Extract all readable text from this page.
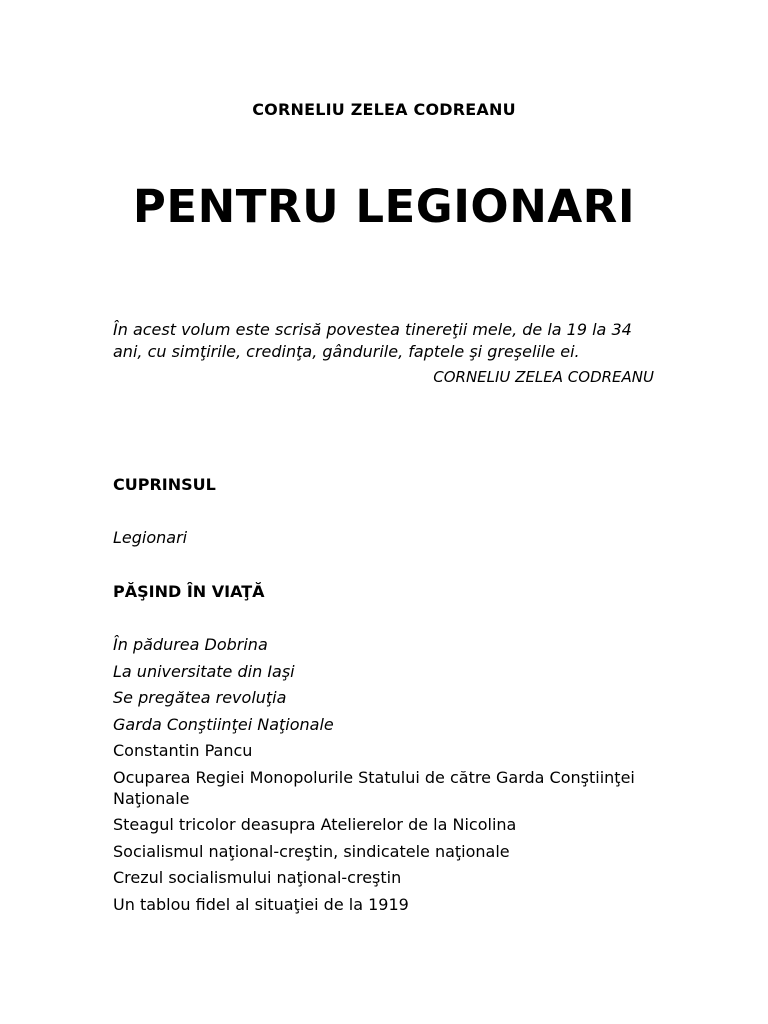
CORNELIU ZELEA CODREANU
PENTRU LEGIONARI
În acest volum este scrisă povestea tinereţii mele, de la 19 la 34 ani, cu simţirile, credinţa, gândurile, faptele şi greşelile ei.
CORNELIU ZELEA CODREANU
CUPRINSUL
Legionari
PĂŞIND ÎN VIAŢĂ
În pădurea Dobrina
La universitate din Iaşi
Se pregătea revoluţia
Garda Conştiinţei Naţionale
Constantin Pancu
Ocuparea Regiei Monopolurile Statului de către Garda Conştiinţei Naţionale
Steagul tricolor deasupra Atelierelor de la Nicolina
Socialismul naţional-creştin, sindicatele naţionale
Crezul socialismului naţional-creştin
Un tablou fidel al situaţiei de la 1919
